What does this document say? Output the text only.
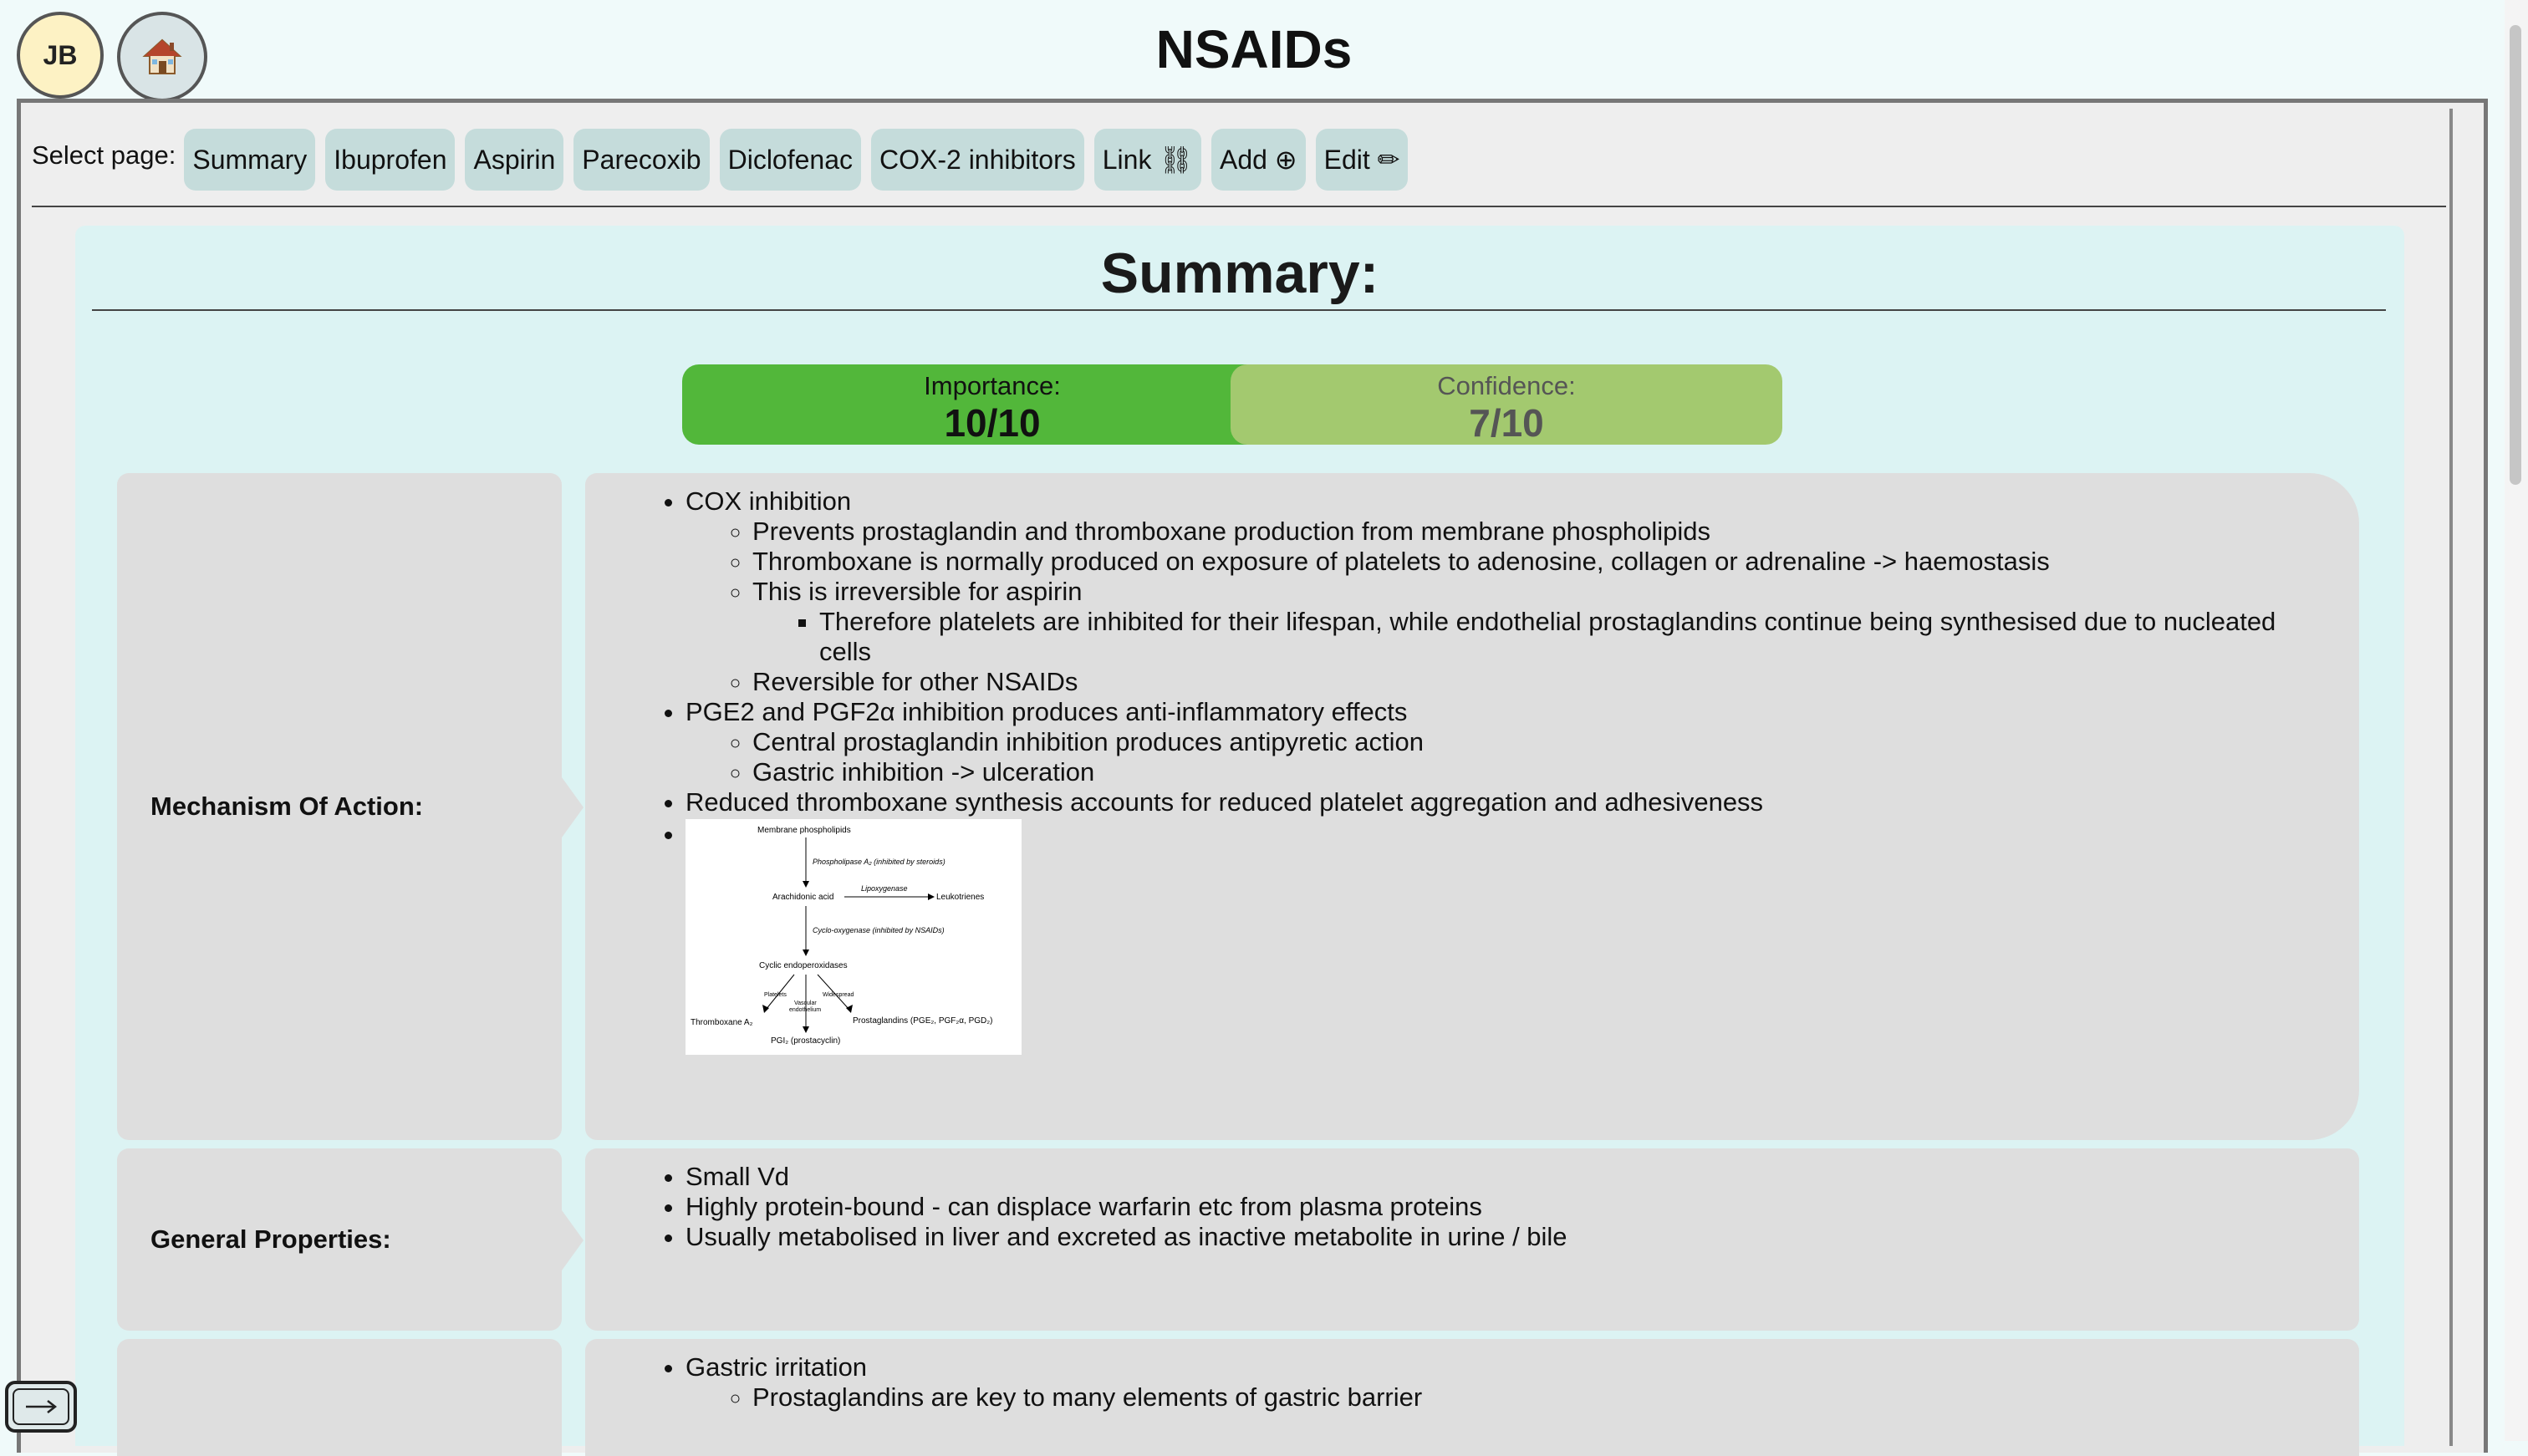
JB	NSAIDs
Select page: Summary Ibuprofen Aspirin Parecoxib Diclofenac COX-2 inhibitors Link ⛓ Add ⊕ Edit ✏
Summary:
Importance:
10/10
Confidence:
7/10
Mechanism Of Action:
• COX inhibition
◦ Prevents prostaglandin and thromboxane production from membrane phospholipids
◦ Thromboxane is normally produced on exposure of platelets to adenosine, collagen or adrenaline -> haemostasis
◦ This is irreversible for aspirin
▪ Therefore platelets are inhibited for their lifespan, while endothelial prostaglandins continue being synthesised due to nucleated cells
◦ Reversible for other NSAIDs
• PGE2 and PGF2α inhibition produces anti-inflammatory effects
◦ Central prostaglandin inhibition produces antipyretic action
◦ Gastric inhibition -> ulceration
• Reduced thromboxane synthesis accounts for reduced platelet aggregation and adhesiveness
• Membrane phospholipids
Phospholipase A₂ (inhibited by steroids)
Arachidonic acid
Lipoxygenase
Leukotrienes
Cyclo-oxygenase (inhibited by NSAIDs)
Cyclic endoperoxidases
Platelets
Vascular
endothelium
Widespread
Thromboxane A₂	Prostaglandins (PGE₂, PGF₂α, PGD₂)
PGI₂ (prostacyclin)
General Properties:
• Small Vd
• Highly protein-bound - can displace warfarin etc from plasma proteins
• Usually metabolised in liver and excreted as inactive metabolite in urine / bile
• Gastric irritation
◦ Prostaglandins are key to many elements of gastric barrier
